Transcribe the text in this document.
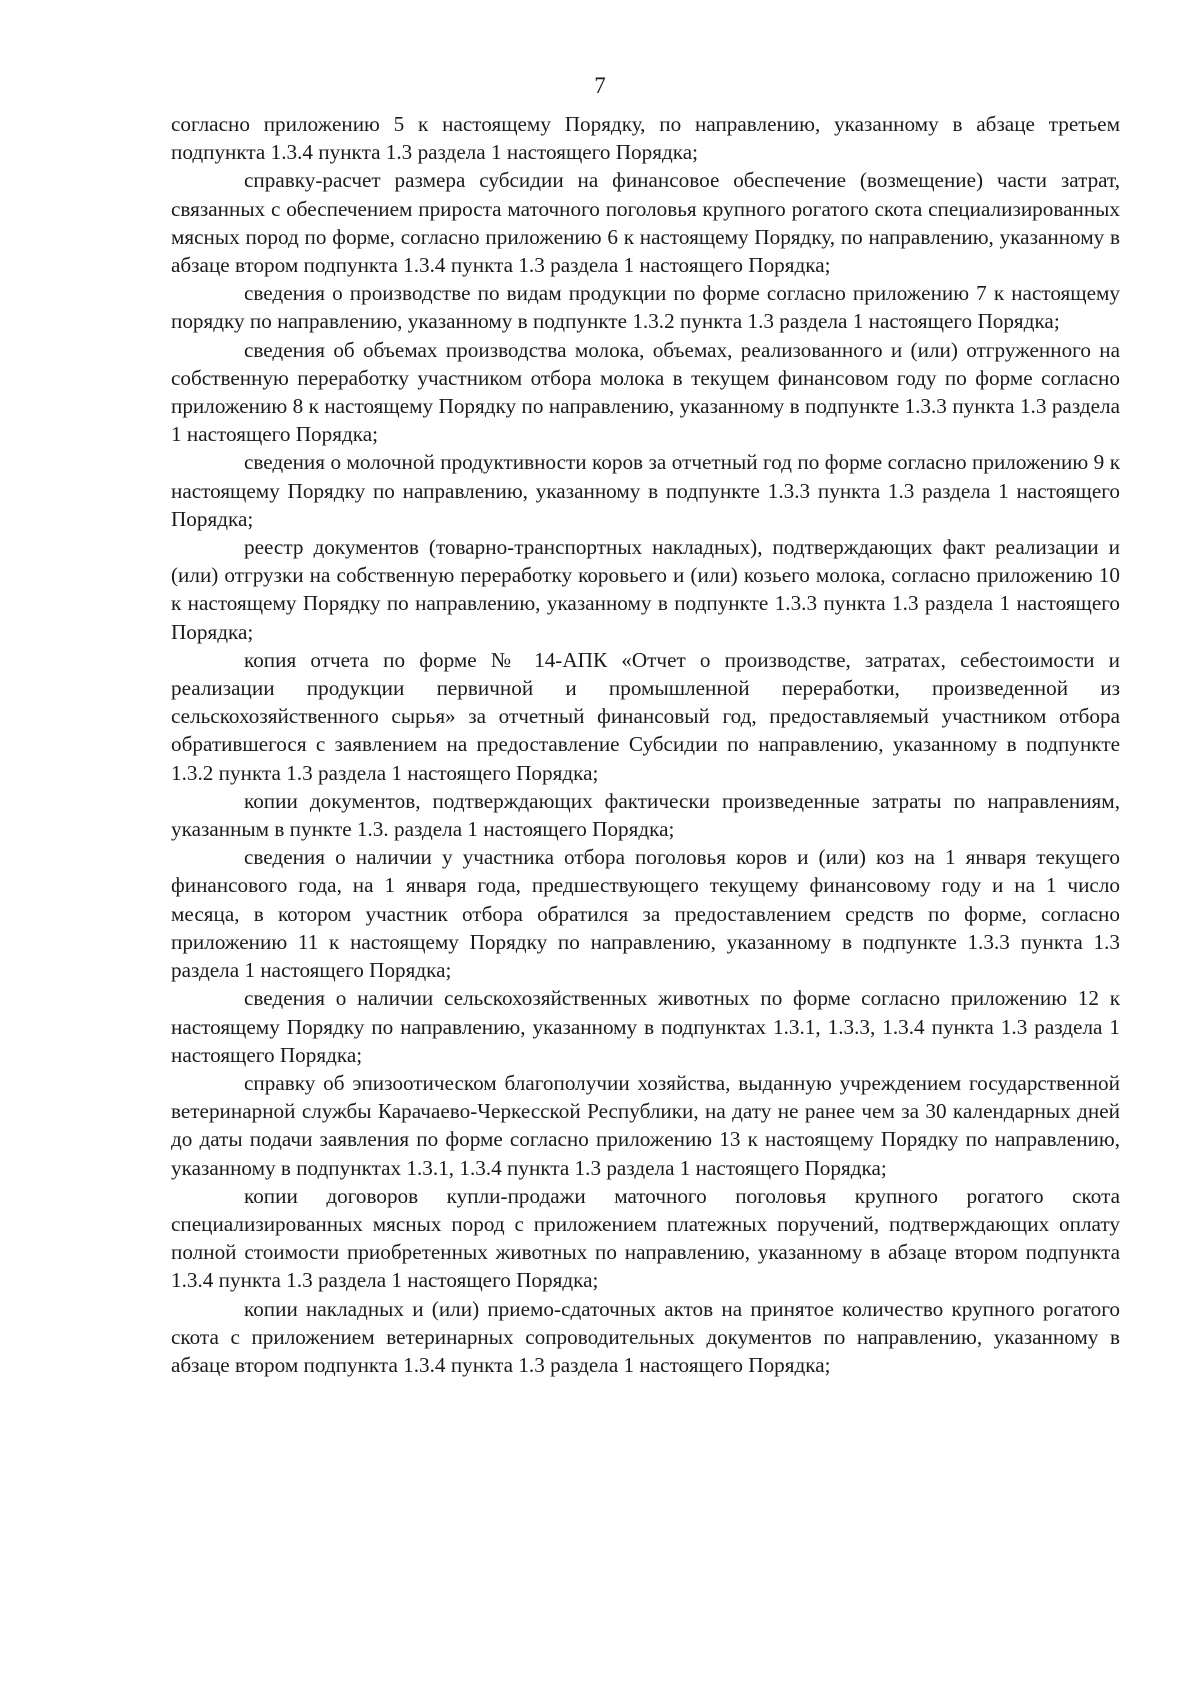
7

согласно приложению 5 к настоящему Порядку, по направлению, указанному в абзаце третьем подпункта 1.3.4 пункта 1.3 раздела 1 настоящего Порядка;

справку-расчет размера субсидии на финансовое обеспечение (возмещение) части затрат, связанных с обеспечением прироста маточного поголовья крупного рогатого скота специализированных мясных пород по форме, согласно приложению 6 к настоящему Порядку, по направлению, указанному в абзаце втором подпункта 1.3.4 пункта 1.3 раздела 1 настоящего Порядка;

сведения о производстве по видам продукции по форме согласно приложению 7 к настоящему порядку по направлению, указанному в подпункте 1.3.2 пункта 1.3 раздела 1 настоящего Порядка;

сведения об объемах производства молока, объемах, реализованного и (или) отгруженного на собственную переработку участником отбора молока в текущем финансовом году по форме согласно приложению 8 к настоящему Порядку по направлению, указанному в подпункте 1.3.3 пункта 1.3 раздела 1 настоящего Порядка;

сведения о молочной продуктивности коров за отчетный год по форме согласно приложению 9 к настоящему Порядку по направлению, указанному в подпункте 1.3.3 пункта 1.3 раздела 1 настоящего Порядка;

реестр документов (товарно-транспортных накладных), подтверждающих факт реализации и (или) отгрузки на собственную переработку коровьего и (или) козьего молока, согласно приложению 10 к настоящему Порядку по направлению, указанному в подпункте 1.3.3 пункта 1.3 раздела 1 настоящего Порядка;

копия отчета по форме № 14-АПК «Отчет о производстве, затратах, себестоимости и реализации продукции первичной и промышленной переработки, произведенной из сельскохозяйственного сырья» за отчетный финансовый год, предоставляемый участником отбора обратившегося с заявлением на предоставление Субсидии по направлению, указанному в подпункте 1.3.2 пункта 1.3 раздела 1 настоящего Порядка;

копии документов, подтверждающих фактически произведенные затраты по направлениям, указанным в пункте 1.3. раздела 1 настоящего Порядка;

сведения о наличии у участника отбора поголовья коров и (или) коз на 1 января текущего финансового года, на 1 января года, предшествующего текущему финансовому году и на 1 число месяца, в котором участник отбора обратился за предоставлением средств по форме, согласно приложению 11 к настоящему Порядку по направлению, указанному в подпункте 1.3.3 пункта 1.3 раздела 1 настоящего Порядка;

сведения о наличии сельскохозяйственных животных по форме согласно приложению 12 к настоящему Порядку по направлению, указанному в подпунктах 1.3.1, 1.3.3, 1.3.4 пункта 1.3 раздела 1 настоящего Порядка;

справку об эпизоотическом благополучии хозяйства, выданную учреждением государственной ветеринарной службы Карачаево-Черкесской Республики, на дату не ранее чем за 30 календарных дней до даты подачи заявления по форме согласно приложению 13 к настоящему Порядку по направлению, указанному в подпунктах 1.3.1, 1.3.4 пункта 1.3 раздела 1 настоящего Порядка;

копии договоров купли-продажи маточного поголовья крупного рогатого скота специализированных мясных пород с приложением платежных поручений, подтверждающих оплату полной стоимости приобретенных животных по направлению, указанному в абзаце втором подпункта 1.3.4 пункта 1.3 раздела 1 настоящего Порядка;

копии накладных и (или) приемо-сдаточных актов на принятое количество крупного рогатого скота с приложением ветеринарных сопроводительных документов по направлению, указанному в абзаце втором подпункта 1.3.4 пункта 1.3 раздела 1 настоящего Порядка;
